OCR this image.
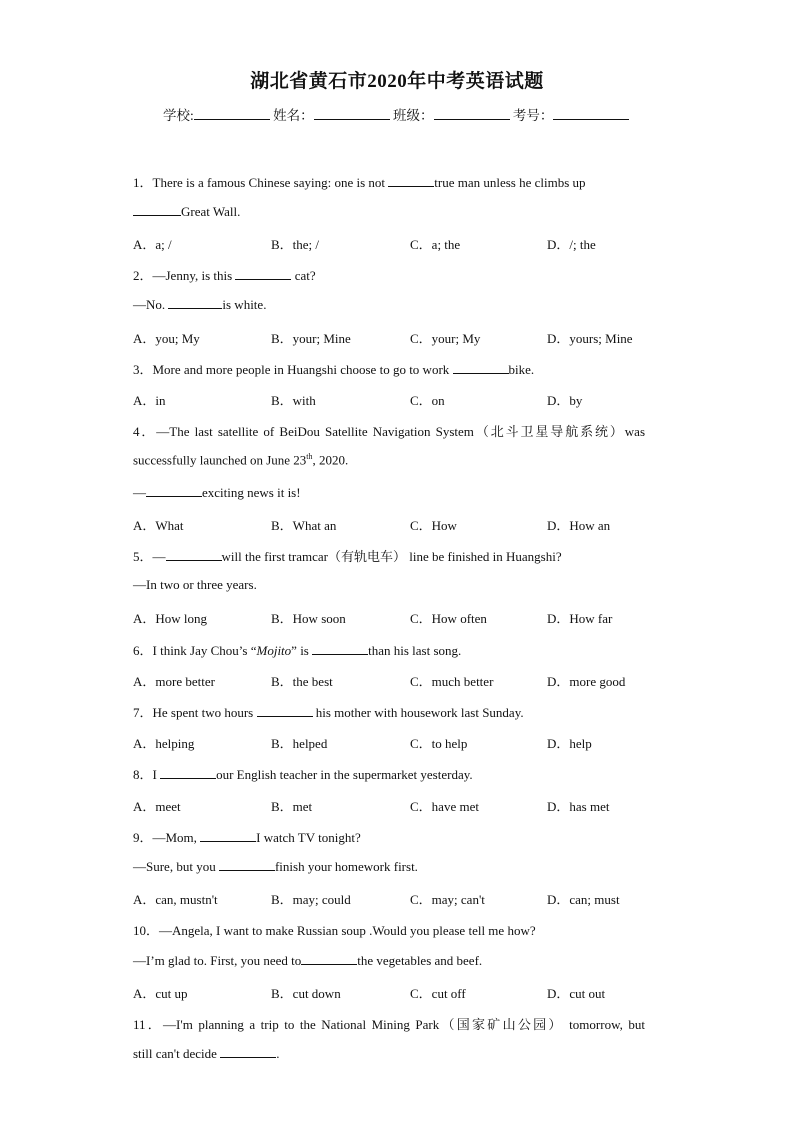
湖北省黄石市2020年中考英语试题
学校:	姓名：	班级：	考号：
1．There is a famous Chinese saying: one is not	true man unless he climbs up
Great Wall.
A．a; /	B．the; /	C．a; the	D．/; the
2．—Jenny, is this	cat?
—No.	is white.
A．you; My	B．your; Mine	C．your; My	D．yours; Mine
3．More and more people in Huangshi choose to go to work	bike.
A．in	B．with	C．on	D．by
4．—The last satellite of BeiDou Satellite Navigation System（北斗卫星导航系统）was
successfully launched on June 23th, 2020.
—	exciting news it is!
A．What	B．What an	C．How	D．How an
5．—	will the first tramcar（有轨电车） line be finished in Huangshi?
—In two or three years.
A．How long	B．How soon	C．How often	D．How far
6．I think Jay Chou’s “Mojito” is	than his last song.
A．more better	B．the best	C．much better	D．more good
7．He spent two hours	his mother with housework last Sunday.
A．helping	B．helped	C．to help	D．help
8．I	our English teacher in the supermarket yesterday.
A．meet	B．met	C．have met	D．has met
9．—Mom,	I watch TV tonight?
—Sure, but you	finish your homework first.
A．can, mustn't	B．may; could	C．may; can't	D．can; must
10．—Angela, I want to make Russian soup .Would you please tell me how?
—I’m glad to. First, you need to	the vegetables and beef.
A．cut up	B．cut down	C．cut off	D．cut out
11．—I'm planning a trip to the National Mining Park（国家矿山公园） tomorrow, but
still can't decide	.
